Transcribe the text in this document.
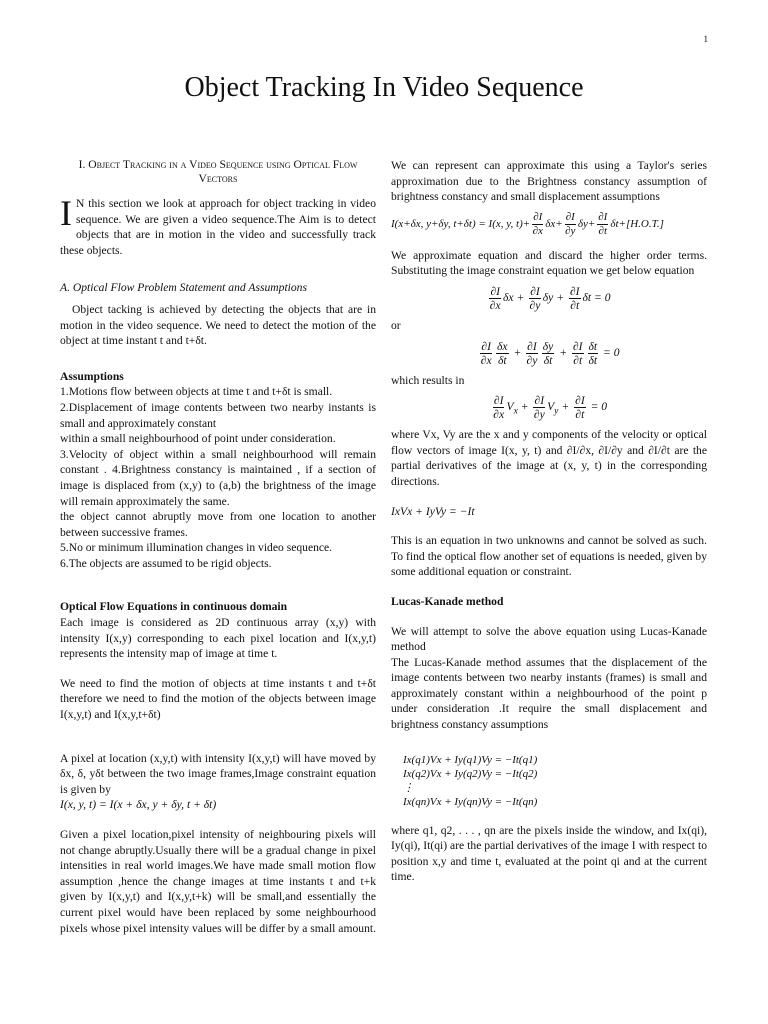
1
Object Tracking In Video Sequence

I. Object Tracking in a Video Sequence using Optical Flow Vectors

I N this section we look at approach for object tracking in video sequence. We are given a video sequence.The Aim is to detect objects that are in motion in the video and successfully track these objects.

A. Optical Flow Problem Statement and Assumptions

Object tacking is achieved by detecting the objects that are in motion in the video sequence. We need to detect the motion of the object at time instant t and t+δt.

Assumptions

1.Motions flow between objects at time t and t+δt is small.

2.Displacement of image contents between two nearby instants is small and approximately constant

within a small neighbourhood of point under consideration.

3.Velocity of object within a small neighbourhood will remain constant . 4.Brightness constancy is maintained , if a section of image is displaced from (x,y) to (a,b) the brightness of the image will remain approximately the same.

the object cannot abruptly move from one location to another between successive frames.

5.No or minimum illumination changes in video sequence.

6.The objects are assumed to be rigid objects.

Optical Flow Equations in continuous domain

Each image is considered as 2D continuous array (x,y) with intensity I(x,y) corresponding to each pixel location and I(x,y,t) represents the intensity map of image at time t.

We need to find the motion of objects at time instants t and t+δt therefore we need to find the motion of the objects between image I(x,y,t) and I(x,y,t+δt)

A pixel at location (x,y,t) with intensity I(x,y,t) will have moved by δx, δ, yδt between the two image frames,Image constraint equation is given by

I(x, y, t) = I(x + δx, y + δy, t + δt)

Given a pixel location,pixel intensity of neighbouring pixels will not change abruptly.Usually there will be a gradual change in pixel intensities in real world images.We have made small motion flow assumption ,hence the change images at time instants t and t+k given by I(x,y,t) and I(x,y,t+k) will be small,and essentially the current pixel would have been replaced by some neighbourhood pixels whose pixel intensity values will be differ by a small amount.

We can represent can approximate this using a Taylor's series approximation due to the Brightness constancy assumption of brightness constancy and small displacement assumptions

I(x+δx, y+δy, t+δt) = I(x, y, $t)+ \frac{\partial I}{\partial x} \delta x+ \frac{\partial I}{\partial y} \delta y+ \frac{\partial I}{\partial t} \delta t+[H.O.T.]$

We approximate equation and discard the higher order terms. Substituting the image constraint equation we get below equation

$\frac{\partial I}{\partial x}$ $\delta x + \frac{\partial I}{\partial y}$ $\delta y + \frac{\partial I}{\partial t}$ δt = 0

or

$\frac{\partial I}{\partial x} \frac{\delta x}{\delta t} + \frac{\partial I}{\partial y} \frac{\delta y}{\delta t} + \frac{\partial I}{\partial t} \frac{\delta t}{\delta t} = 0$

which results in

$\frac{\partial I}{\partial x} V_x + \frac{\partial I}{\partial y} V_y + \frac{\partial I}{\partial t} = 0$

where Vx, Vy are the x and y components of the velocity or optical flow vectors of image I(x, y, t) and ∂I/∂x, ∂I/∂y and ∂I/∂t are the partial derivatives of the image at (x, y, t) in the corresponding directions.

IxVx + IyVy = −It

This is an equation in two unknowns and cannot be solved as such. To find the optical flow another set of equations is needed, given by some additional equation or constraint.

Lucas-Kanade method

We will attempt to solve the above equation using Lucas-Kanade method

The Lucas-Kanade method assumes that the displacement of the image contents between two nearby instants (frames) is small and approximately constant within a neighbourhood of the point p under consideration .It require the small displacement and brightness constancy assumptions

Ix(q1)Vx + Iy(q1)Vy = −It(q1)
Ix(q2)Vx + Iy(q2)Vy = −It(q2)
⋮
Ix(qn)Vx + Iy(qn)Vy = −It(qn)

where q1, q2, . . . , qn are the pixels inside the window, and Ix(qi), Iy(qi), It(qi) are the partial derivatives of the image I with respect to position x,y and time t, evaluated at the point qi and at the current time.
